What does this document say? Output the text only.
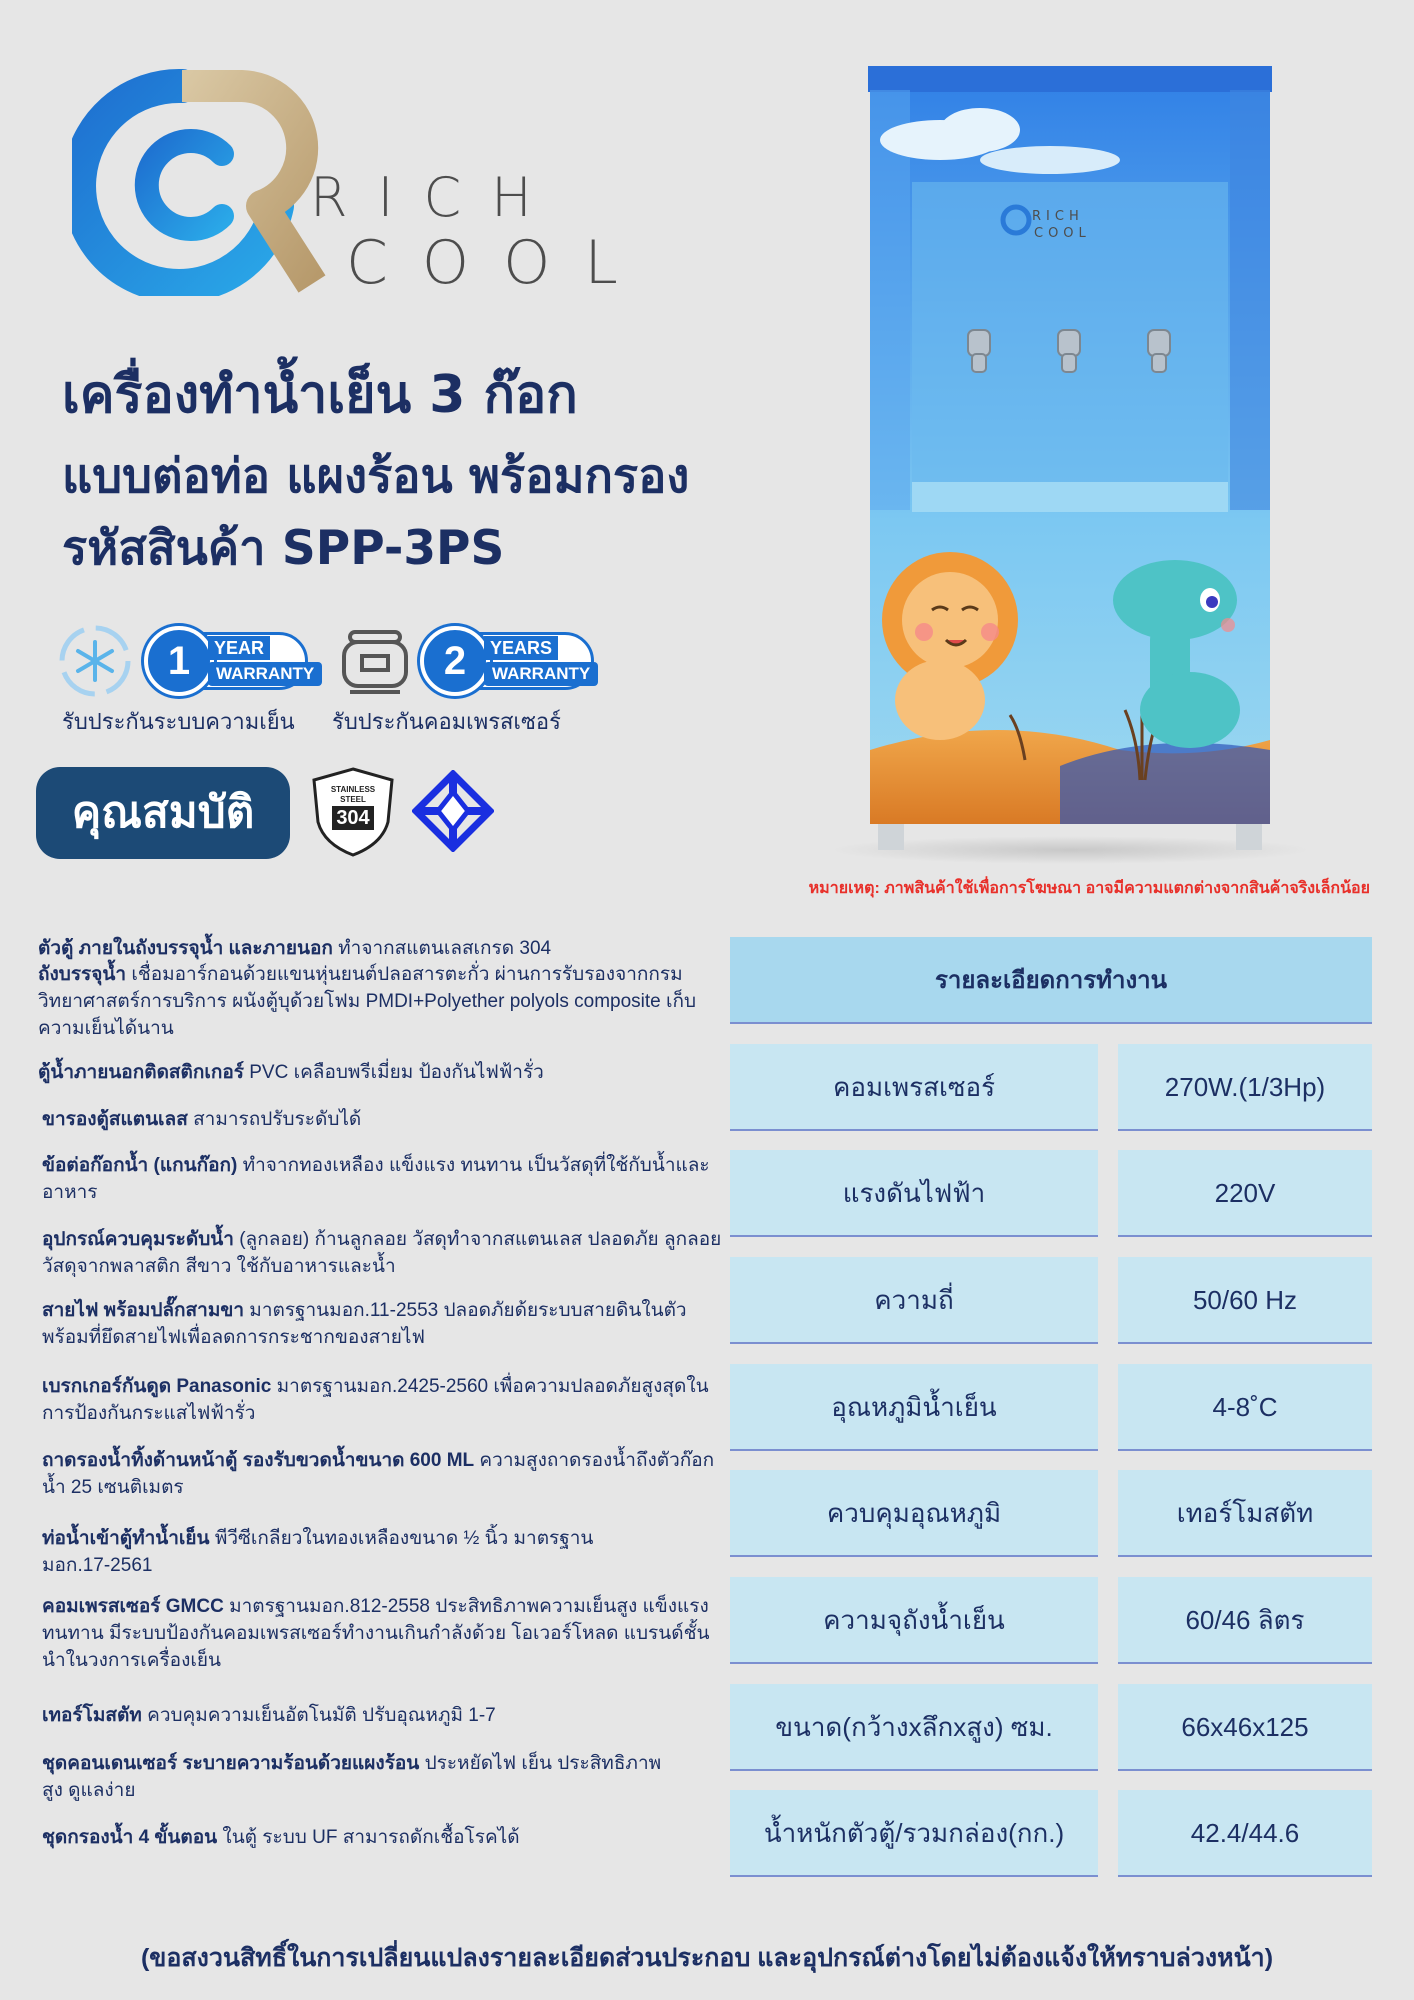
RICH
COOL
เครื่องทำน้ำเย็น 3 ก๊อก
แบบต่อท่อ แผงร้อน พร้อมกรอง
รหัสสินค้า SPP-3PS
1	YEAR
WARRANTY
รับประกันระบบความเย็น
2	YEARS
WARRANTY
รับประกันคอมเพรสเซอร์
คุณสมบัติ	STAINLESS
STEEL
304
RICH
COOL
หมายเหตุ: ภาพสินค้าใช้เพื่อการโฆษณา อาจมีความแตกต่างจากสินค้าจริงเล็กน้อย
ตัวตู้ ภายในถังบรรจุน้ำ และภายนอก ทำจากสแตนเลสเกรด 304
ถังบรรจุน้ำ เชื่อมอาร์กอนด้วยแขนหุ่นยนต์ปลอสารตะกั่ว ผ่านการรับรองจากกรมวิทยาศาสตร์การบริการ ผนังตู้บุด้วยโฟม PMDI+Polyether polyols composite เก็บความเย็นได้นาน
ตู้น้ำภายนอกติดสติกเกอร์ PVC เคลือบพรีเมี่ยม ป้องกันไฟฟ้ารั่ว
ขารองตู้สแตนเลส สามารถปรับระดับได้
ข้อต่อก๊อกน้ำ (แกนก๊อก) ทำจากทองเหลือง แข็งแรง ทนทาน เป็นวัสดุที่ใช้กับน้ำและอาหาร
อุปกรณ์ควบคุมระดับน้ำ (ลูกลอย) ก้านลูกลอย วัสดุทำจากสแตนเลส ปลอดภัย ลูกลอยวัสดุจากพลาสติก สีขาว ใช้กับอาหารและน้ำ
สายไฟ พร้อมปลั๊กสามขา มาตรฐานมอก.11-2553 ปลอดภัยด้ยระบบสายดินในตัว พร้อมที่ยึดสายไฟเพื่อลดการกระชากของสายไฟ
เบรกเกอร์กันดูด Panasonic มาตรฐานมอก.2425-2560 เพื่อความปลอดภัยสูงสุดในการป้องกันกระแสไฟฟ้ารั่ว
ถาดรองน้ำทิ้งด้านหน้าตู้ รองรับขวดน้ำขนาด 600 ML ความสูงถาดรองน้ำถึงตัวก๊อกน้ำ 25 เซนติเมตร
ท่อน้ำเข้าตู้ทำน้ำเย็น พีวีซีเกลียวในทองเหลืองขนาด ½ นิ้ว มาตรฐานมอก.17-2561
คอมเพรสเซอร์ GMCC มาตรฐานมอก.812-2558 ประสิทธิภาพความเย็นสูง แข็งแรง ทนทาน มีระบบป้องกันคอมเพรสเซอร์ทำงานเกินกำลังด้วย โอเวอร์โหลด แบรนด์ชั้นนำในวงการเครื่องเย็น
เทอร์โมสตัท ควบคุมความเย็นอัตโนมัติ ปรับอุณหภูมิ 1-7
ชุดคอนเดนเซอร์ ระบายความร้อนด้วยแผงร้อน ประหยัดไฟ เย็น ประสิทธิภาพสูง ดูแลง่าย
ชุดกรองน้ำ 4 ขั้นตอน ในตู้ ระบบ UF สามารถดักเชื้อโรคได้
รายละเอียดการทำงาน
คอมเพรสเซอร์	270W.(1/3Hp)
แรงดันไฟฟ้า	220V
ความถี่	50/60 Hz
อุณหภูมิน้ำเย็น	4-8˚C
ควบคุมอุณหภูมิ	เทอร์โมสตัท
ความจุถังน้ำเย็น	60/46 ลิตร
ขนาด(กว้างxลึกxสูง) ซม.	66x46x125
น้ำหนักตัวตู้/รวมกล่อง(กก.)	42.4/44.6
(ขอสงวนสิทธิ์ในการเปลี่ยนแปลงรายละเอียดส่วนประกอบ และอุปกรณ์ต่างโดยไม่ต้องแจ้งให้ทราบล่วงหน้า)
